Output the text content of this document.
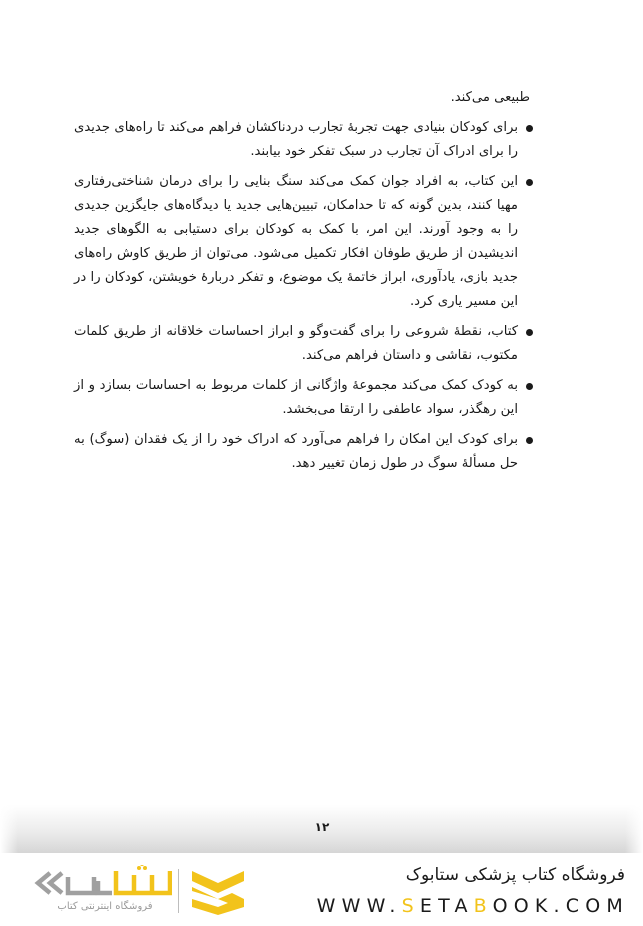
طبیعی می‌کند.

برای کودکان بنیادی جهت تجربهٔ تجارب دردناکشان فراهم می‌کند تا راه‌های جدیدی را برای ادراک آن تجارب در سبک تفکر خود بیابند.
این کتاب، به افراد جوان کمک می‌کند سنگ بنایی را برای درمان شناختی‌رفتاری مهیا کنند، بدین گونه که تا حدامکان، تبیین‌هایی جدید یا دیدگاه‌های جایگزین جدیدی را به وجود آورند. این امر، با کمک به کودکان برای دستیابی به الگوهای جدید اندیشیدن از طریق طوفان افکار تکمیل می‌شود. می‌توان از طریق کاوش راه‌های جدید بازی، یادآوری، ابراز خاتمهٔ یک موضوع، و تفکر دربارهٔ خویشتن، کودکان را در این مسیر یاری کرد.
کتاب، نقطهٔ شروعی را برای گفت‌وگو و ابراز احساسات خلاقانه از طریق کلمات مکتوب، نقاشی و داستان فراهم می‌کند.
به کودک کمک می‌کند مجموعهٔ واژگانی از کلمات مربوط به احساسات بسازد و از این رهگذر، سواد عاطفی را ارتقا می‌بخشد.
برای کودک این امکان را فراهم می‌آورد که ادراک خود را از یک فقدان (سوگ) به حل مسألهٔ سوگ در طول زمان تغییر دهد.
۱۲
فروشگاه اینترنتی کتاب
فروشگاه کتاب پزشکی ستابوک
WWW.SETABOOK.COM
